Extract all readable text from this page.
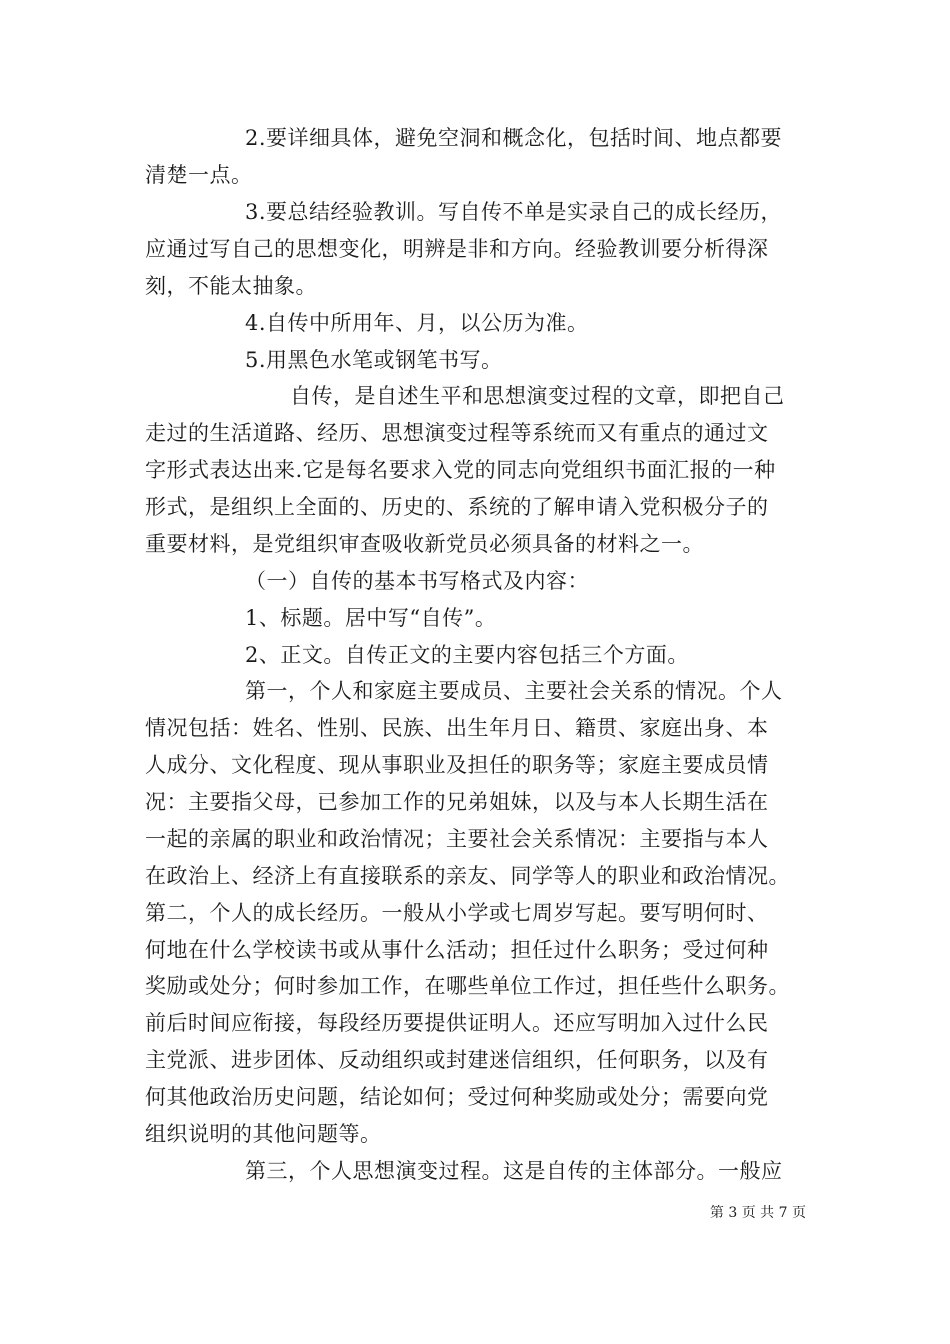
2.要详细具体，避免空洞和概念化，包括时间、地点都要
清楚一点。
3.要总结经验教训。写自传不单是实录自己的成长经历，
应通过写自己的思想变化，明辨是非和方向。经验教训要分析得深
刻，不能太抽象。
4.自传中所用年、月，以公历为准。
5.用黑色水笔或钢笔书写。
自传，是自述生平和思想演变过程的文章，即把自己
走过的生活道路、经历、思想演变过程等系统而又有重点的通过文
字形式表达出来.它是每名要求入党的同志向党组织书面汇报的一种
形式，是组织上全面的、历史的、系统的了解申请入党积极分子的
重要材料，是党组织审查吸收新党员必须具备的材料之一。
（一）自传的基本书写格式及内容：
1、标题。居中写“自传”。
2、正文。自传正文的主要内容包括三个方面。
第一，个人和家庭主要成员、主要社会关系的情况。个人
情况包括：姓名、性别、民族、出生年月日、籍贯、家庭出身、本
人成分、文化程度、现从事职业及担任的职务等；家庭主要成员情
况：主要指父母，已参加工作的兄弟姐妹，以及与本人长期生活在
一起的亲属的职业和政治情况；主要社会关系情况：主要指与本人
在政治上、经济上有直接联系的亲友、同学等人的职业和政治情况。
第二，个人的成长经历。一般从小学或七周岁写起。要写明何时、
何地在什么学校读书或从事什么活动；担任过什么职务；受过何种
奖励或处分；何时参加工作，在哪些单位工作过，担任些什么职务。
前后时间应衔接，每段经历要提供证明人。还应写明加入过什么民
主党派、进步团体、反动组织或封建迷信组织，任何职务，以及有
何其他政治历史问题，结论如何；受过何种奖励或处分；需要向党
组织说明的其他问题等。
第三，个人思想演变过程。这是自传的主体部分。一般应
第 3 页 共 7 页
